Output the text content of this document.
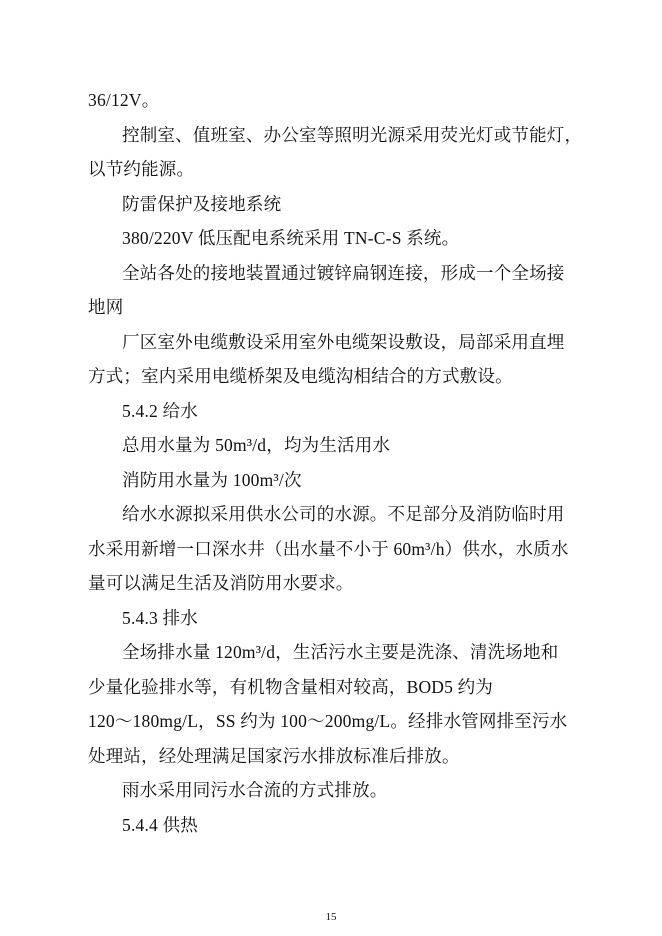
36/12V。
控制室、值班室、办公室等照明光源采用荧光灯或节能灯，
以节约能源。
防雷保护及接地系统
380/220V 低压配电系统采用 TN-C-S 系统。
全站各处的接地装置通过镀锌扁钢连接，形成一个全场接
地网
厂区室外电缆敷设采用室外电缆架设敷设，局部采用直埋
方式；室内采用电缆桥架及电缆沟相结合的方式敷设。
5.4.2 给水
总用水量为 50m³/d，均为生活用水
消防用水量为 100m³/次
给水水源拟采用供水公司的水源。不足部分及消防临时用
水采用新增一口深水井（出水量不小于 60m³/h）供水，水质水
量可以满足生活及消防用水要求。
5.4.3 排水
全场排水量 120m³/d，生活污水主要是洗涤、清洗场地和
少量化验排水等，有机物含量相对较高，BOD5 约为
120～180mg/L，SS 约为 100～200mg/L。经排水管网排至污水
处理站，经处理满足国家污水排放标准后排放。
雨水采用同污水合流的方式排放。
5.4.4 供热
15
